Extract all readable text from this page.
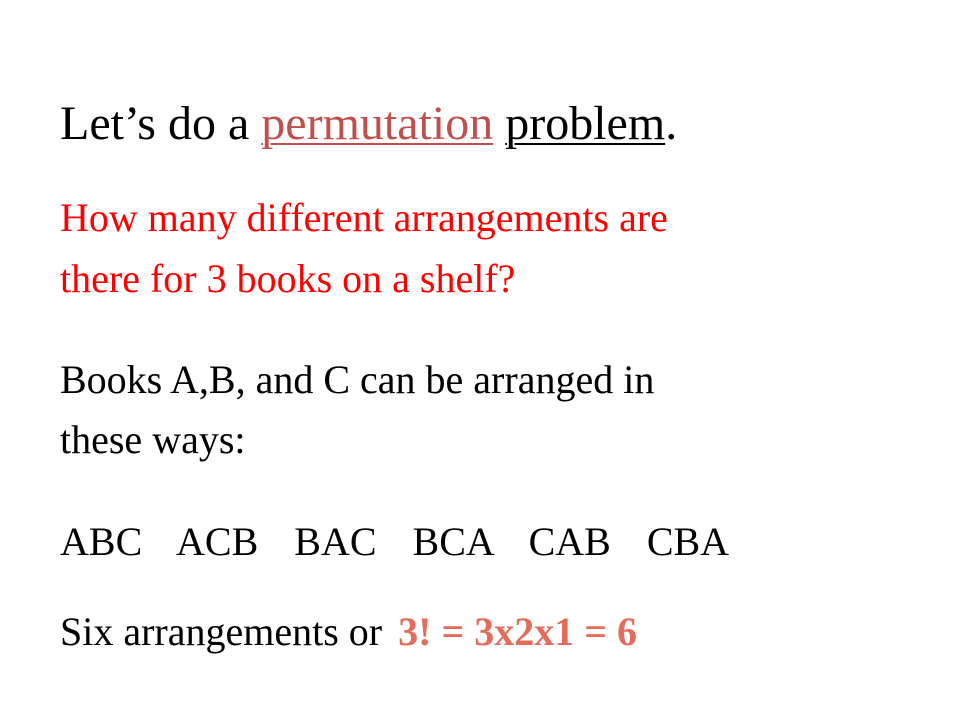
Let’s do a permutation problem.

How many different arrangements are

there for 3 books on a shelf?

Books A,B, and C can be arranged in

these ways:

ABC  ACB  BAC  BCA  CAB  CBA

Six arrangements or 3! = 3x2x1 = 6
